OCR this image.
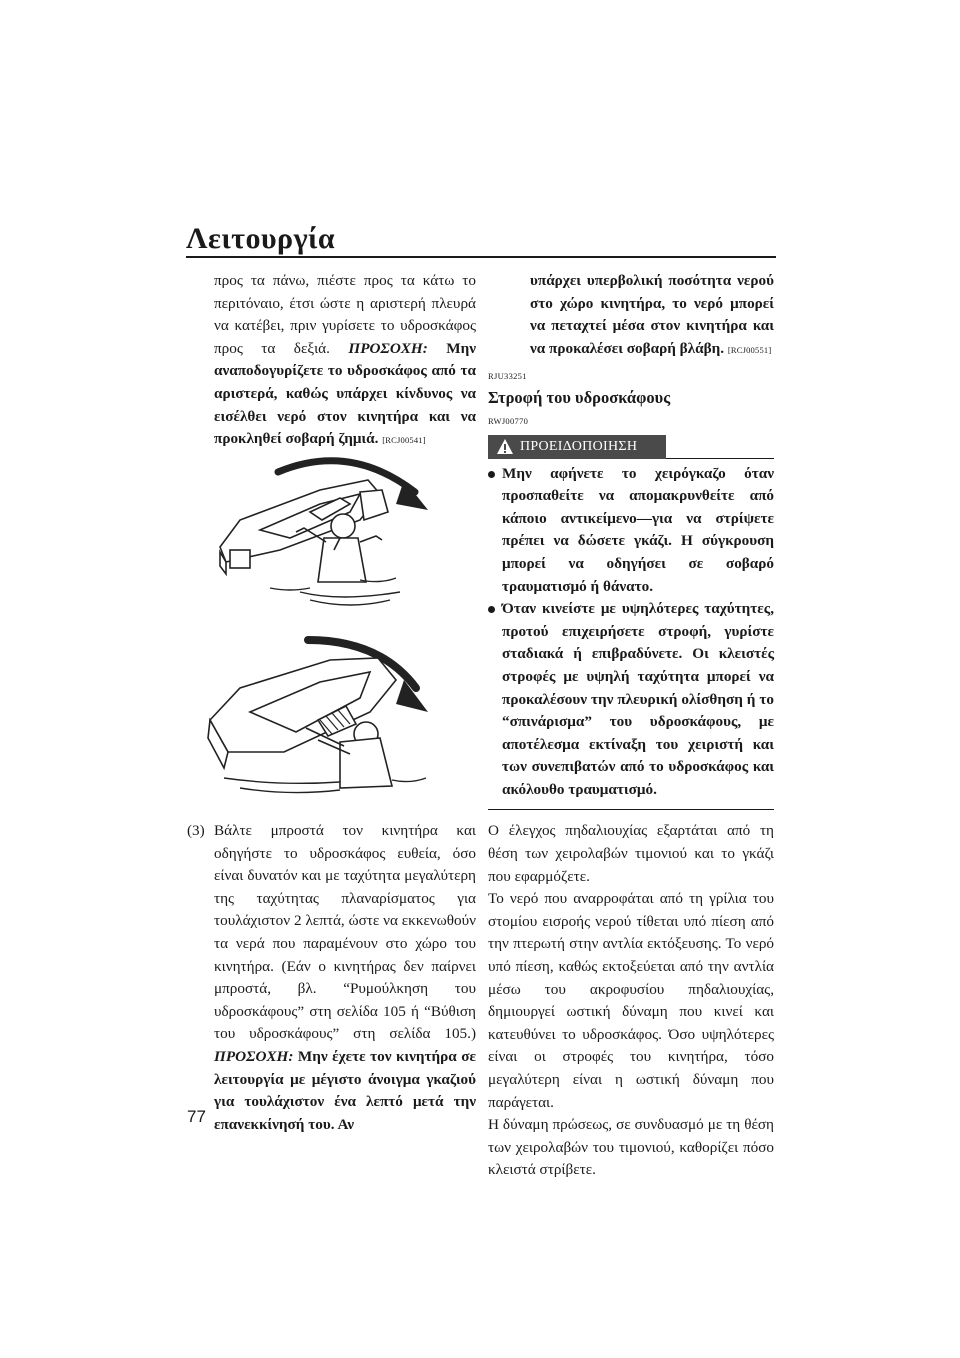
Λειτουργία

προς τα πάνω, πιέστε προς τα κάτω το περιτόναιο, έτσι ώστε η αριστερή πλευρά να κατέβει, πριν γυρίσετε το υδροσκάφος προς τα δεξιά. ΠΡΟΣΟΧΗ: Μην αναποδογυρίζετε το υδροσκάφος από τα αριστερά, καθώς υπάρχει κίνδυνος να εισέλθει νερό στον κινητήρα και να προκληθεί σοβαρή ζημιά. [RCJ00541]

(3) Βάλτε μπροστά τον κινητήρα και οδηγήστε το υδροσκάφος ευθεία, όσο είναι δυνατόν και με ταχύτητα μεγαλύτερη της ταχύτητας πλαναρίσματος για τουλάχιστον 2 λεπτά, ώστε να εκκενωθούν τα νερά που παραμένουν στο χώρο του κινητήρα. (Εάν ο κινητήρας δεν παίρνει μπροστά, βλ. “Ρυμούλκηση του υδροσκάφους” στη σελίδα 105 ή “Βύθιση του υδροσκάφους” στη σελίδα 105.) ΠΡΟΣΟΧΗ: Μην έχετε τον κινητήρα σε λειτουργία με μέγιστο άνοιγμα γκαζιού για τουλάχιστον ένα λεπτό μετά την επανεκκίνησή του. Αν

υπάρχει υπερβολική ποσότητα νερού στο χώρο κινητήρα, το νερό μπορεί να πεταχτεί μέσα στον κινητήρα και να προκαλέσει σοβαρή βλάβη. [RCJ00551]

RJU33251
Στροφή του υδροσκάφους
RWJ00770
ΠΡΟΕΙΔΟΠΟΙΗΣΗ
Μην αφήνετε το χειρόγκαζο όταν προσπαθείτε να απομακρυνθείτε από κάποιο αντικείμενο—για να στρίψετε πρέπει να δώσετε γκάζι. Η σύγκρουση μπορεί να οδηγήσει σε σοβαρό τραυματισμό ή θάνατο.
Όταν κινείστε με υψηλότερες ταχύτητες, προτού επιχειρήσετε στροφή, γυρίστε σταδιακά ή επιβραδύνετε. Οι κλειστές στροφές με υψηλή ταχύτητα μπορεί να προκαλέσουν την πλευρική ολίσθηση ή το “σπινάρισμα” του υδροσκάφους, με αποτέλεσμα εκτίναξη του χειριστή και των συνεπιβατών από το υδροσκάφος και ακόλουθο τραυματισμό.

Ο έλεγχος πηδαλιουχίας εξαρτάται από τη θέση των χειρολαβών τιμονιού και το γκάζι που εφαρμόζετε.

Το νερό που αναρροφάται από τη γρίλια του στομίου εισροής νερού τίθεται υπό πίεση από την πτερωτή στην αντλία εκτόξευσης. Το νερό υπό πίεση, καθώς εκτοξεύεται από την αντλία μέσω του ακροφυσίου πηδαλιουχίας, δημιουργεί ωστική δύναμη που κινεί και κατευθύνει το υδροσκάφος. Όσο υψηλότερες είναι οι στροφές του κινητήρα, τόσο μεγαλύτερη είναι η ωστική δύναμη που παράγεται.

Η δύναμη πρώσεως, σε συνδυασμό με τη θέση των χειρολαβών του τιμονιού, καθορίζει πόσο κλειστά στρίβετε.

77
